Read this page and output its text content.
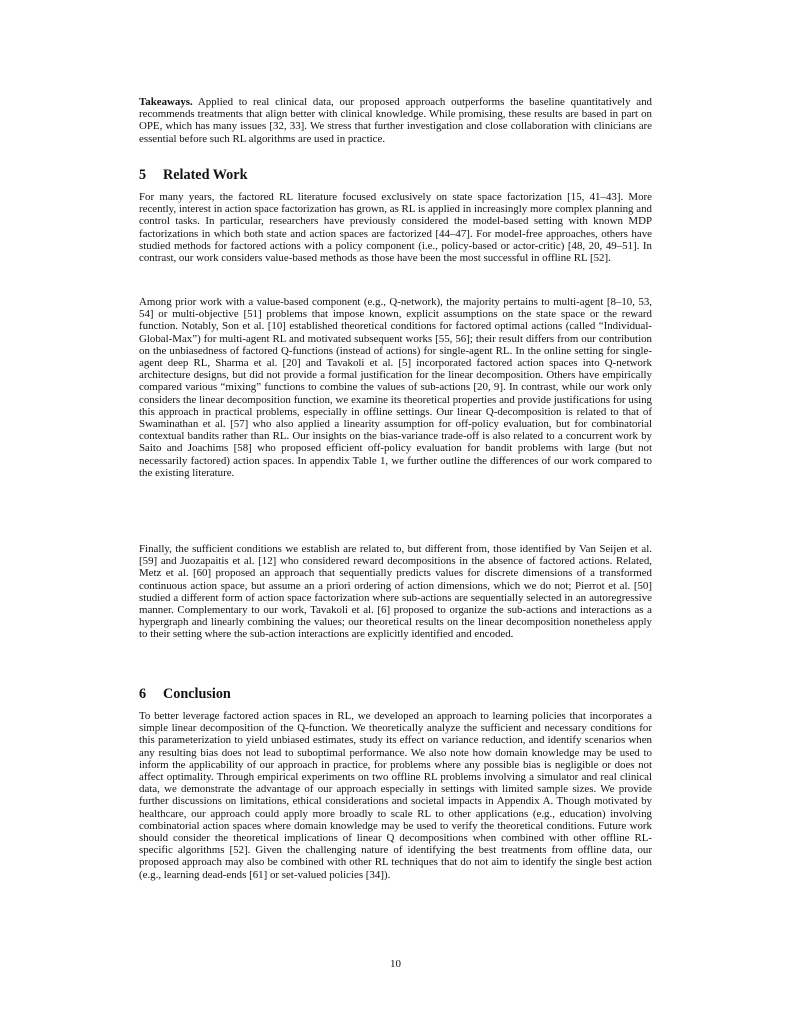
Takeaways. Applied to real clinical data, our proposed approach outperforms the baseline quantitatively and recommends treatments that align better with clinical knowledge. While promising, these results are based in part on OPE, which has many issues [32, 33]. We stress that further investigation and close collaboration with clinicians are essential before such RL algorithms are used in practice.

5 Related Work

For many years, the factored RL literature focused exclusively on state space factorization [15, 41–43]. More recently, interest in action space factorization has grown, as RL is applied in increasingly more complex planning and control tasks. In particular, researchers have previously considered the model-based setting with known MDP factorizations in which both state and action spaces are factorized [44–47]. For model-free approaches, others have studied methods for factored actions with a policy component (i.e., policy-based or actor-critic) [48, 20, 49–51]. In contrast, our work considers value-based methods as those have been the most successful in offline RL [52].

Among prior work with a value-based component (e.g., Q-network), the majority pertains to multi-agent [8–10, 53, 54] or multi-objective [51] problems that impose known, explicit assumptions on the state space or the reward function. Notably, Son et al. [10] established theoretical conditions for factored optimal actions (called “Individual-Global-Max”) for multi-agent RL and motivated subsequent works [55, 56]; their result differs from our contribution on the unbiasedness of factored Q-functions (instead of actions) for single-agent RL. In the online setting for single-agent deep RL, Sharma et al. [20] and Tavakoli et al. [5] incorporated factored action spaces into Q-network architecture designs, but did not provide a formal justification for the linear decomposition. Others have empirically compared various “mixing” functions to combine the values of sub-actions [20, 9]. In contrast, while our work only considers the linear decomposition function, we examine its theoretical properties and provide justifications for using this approach in practical problems, especially in offline settings. Our linear Q-decomposition is related to that of Swaminathan et al. [57] who also applied a linearity assumption for off-policy evaluation, but for combinatorial contextual bandits rather than RL. Our insights on the bias-variance trade-off is also related to a concurrent work by Saito and Joachims [58] who proposed efficient off-policy evaluation for bandit problems with large (but not necessarily factored) action spaces. In appendix Table 1, we further outline the differences of our work compared to the existing literature.

Finally, the sufficient conditions we establish are related to, but different from, those identified by Van Seijen et al. [59] and Juozapaitis et al. [12] who considered reward decompositions in the absence of factored actions. Related, Metz et al. [60] proposed an approach that sequentially predicts values for discrete dimensions of a transformed continuous action space, but assume an a priori ordering of action dimensions, which we do not; Pierrot et al. [50] studied a different form of action space factorization where sub-actions are sequentially selected in an autoregressive manner. Complementary to our work, Tavakoli et al. [6] proposed to organize the sub-actions and interactions as a hypergraph and linearly combining the values; our theoretical results on the linear decomposition nonetheless apply to their setting where the sub-action interactions are explicitly identified and encoded.

6 Conclusion

To better leverage factored action spaces in RL, we developed an approach to learning policies that incorporates a simple linear decomposition of the Q-function. We theoretically analyze the sufficient and necessary conditions for this parameterization to yield unbiased estimates, study its effect on variance reduction, and identify scenarios when any resulting bias does not lead to suboptimal performance. We also note how domain knowledge may be used to inform the applicability of our approach in practice, for problems where any possible bias is negligible or does not affect optimality. Through empirical experiments on two offline RL problems involving a simulator and real clinical data, we demonstrate the advantage of our approach especially in settings with limited sample sizes. We provide further discussions on limitations, ethical considerations and societal impacts in Appendix A. Though motivated by healthcare, our approach could apply more broadly to scale RL to other applications (e.g., education) involving combinatorial action spaces where domain knowledge may be used to verify the theoretical conditions. Future work should consider the theoretical implications of linear Q decompositions when combined with other offline RL-specific algorithms [52]. Given the challenging nature of identifying the best treatments from offline data, our proposed approach may also be combined with other RL techniques that do not aim to identify the single best action (e.g., learning dead-ends [61] or set-valued policies [34]).

10
